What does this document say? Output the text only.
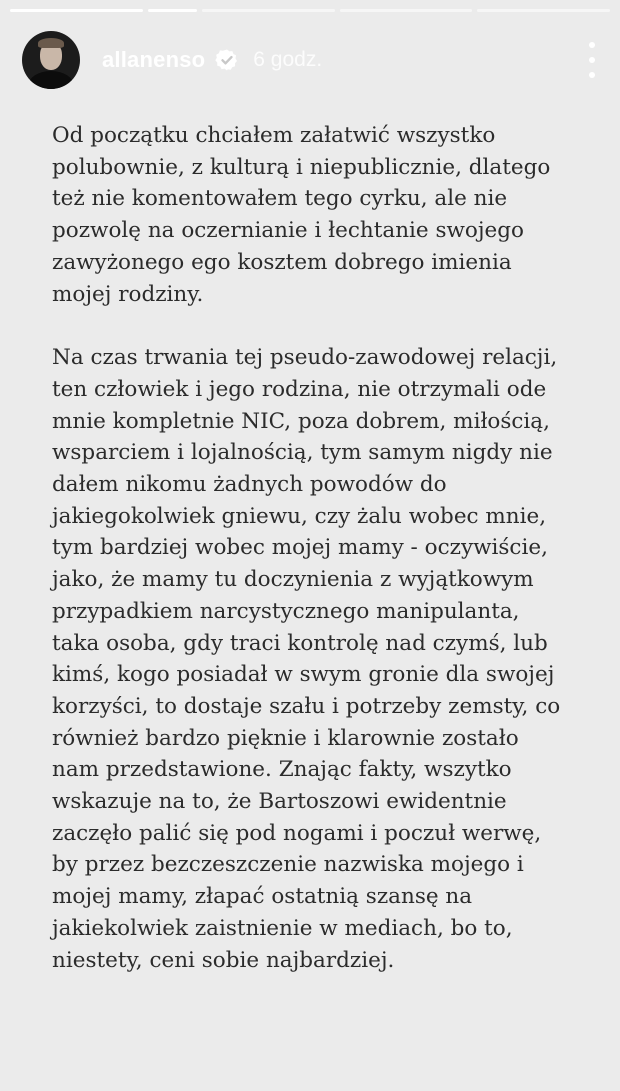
allanenso 6 godz.

Od początku chciałem załatwić wszystko
polubownie, z kulturą i niepublicznie, dlatego
też nie komentowałem tego cyrku, ale nie
pozwolę na oczernianie i łechtanie swojego
zawyżonego ego kosztem dobrego imienia
mojej rodziny.

Na czas trwania tej pseudo-zawodowej relacji,
ten człowiek i jego rodzina, nie otrzymali ode
mnie kompletnie NIC, poza dobrem, miłością,
wsparciem i lojalnością, tym samym nigdy nie
dałem nikomu żadnych powodów do
jakiegokolwiek gniewu, czy żalu wobec mnie,
tym bardziej wobec mojej mamy - oczywiście,
jako, że mamy tu doczynienia z wyjątkowym
przypadkiem narcystycznego manipulanta,
taka osoba, gdy traci kontrolę nad czymś, lub
kimś, kogo posiadał w swym gronie dla swojej
korzyści, to dostaje szału i potrzeby zemsty, co
również bardzo pięknie i klarownie zostało
nam przedstawione. Znając fakty, wszytko
wskazuje na to, że Bartoszowi ewidentnie
zaczęło palić się pod nogami i poczuł werwę,
by przez bezczeszczenie nazwiska mojego i
mojej mamy, złapać ostatnią szansę na
jakiekolwiek zaistnienie w mediach, bo to,
niestety, ceni sobie najbardziej.
